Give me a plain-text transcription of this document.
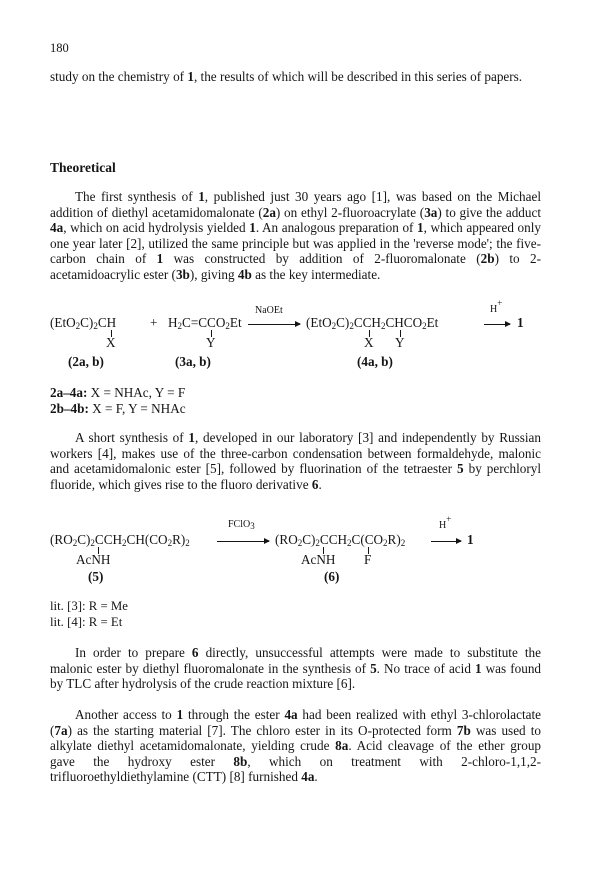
180

study on the chemistry of 1, the results of which will be described in this series of papers.

Theoretical

The first synthesis of 1, published just 30 years ago [1], was based on the Michael addition of diethyl acetamidomalonate (2a) on ethyl 2-fluoroacrylate (3a) to give the adduct 4a, which on acid hydrolysis yielded 1. An analogous preparation of 1, which appeared only one year later [2], utilized the same principle but was applied in the 'reverse mode'; the five-carbon chain of 1 was constructed by addition of 2-fluoromalonate (2b) to 2-acetamidoacrylic ester (3b), giving 4b as the key intermediate.

$(EtO_2C)_2CH$	+ $H_2C=CCO_2Et$
NaOEt
→ $(EtO_2C)_2CCH_2CHCO_2Et$
H+
→ 1
X	Y	X Y
(2a, b)	(3a, b)	(4a, b)
2a–4a: X = NHAc, Y = F
2b–4b: X = F, Y = NHAc

A short synthesis of 1, developed in our laboratory [3] and independently by Russian workers [4], makes use of the three-carbon condensation between formaldehyde, malonic and acetamidomalonic ester [5], followed by fluorination of the tetraester 5 by perchloryl fluoride, which gives rise to the fluoro derivative 6.

$(RO_2C)_2CCH_2CH(CO_2R)_2$
FClO$_3$
→ $(RO_2C)_2CCH_2C(CO_2R)_2$
H+
→ 1
AcNH	AcNH F
(5)	(6)
lit. [3]: R = Me
lit. [4]: R = Et

In order to prepare 6 directly, unsuccessful attempts were made to substitute the malonic ester by diethyl fluoromalonate in the synthesis of 5. No trace of acid 1 was found by TLC after hydrolysis of the crude reaction mixture [6].

Another access to 1 through the ester 4a had been realized with ethyl 3-chlorolactate (7a) as the starting material [7]. The chloro ester in its O-protected form 7b was used to alkylate diethyl acetamidomalonate, yielding crude 8a. Acid cleavage of the ether group gave the hydroxy ester 8b, which on treatment with 2-chloro-1,1,2-trifluoroethyldiethylamine (CTT) [8] furnished 4a.
